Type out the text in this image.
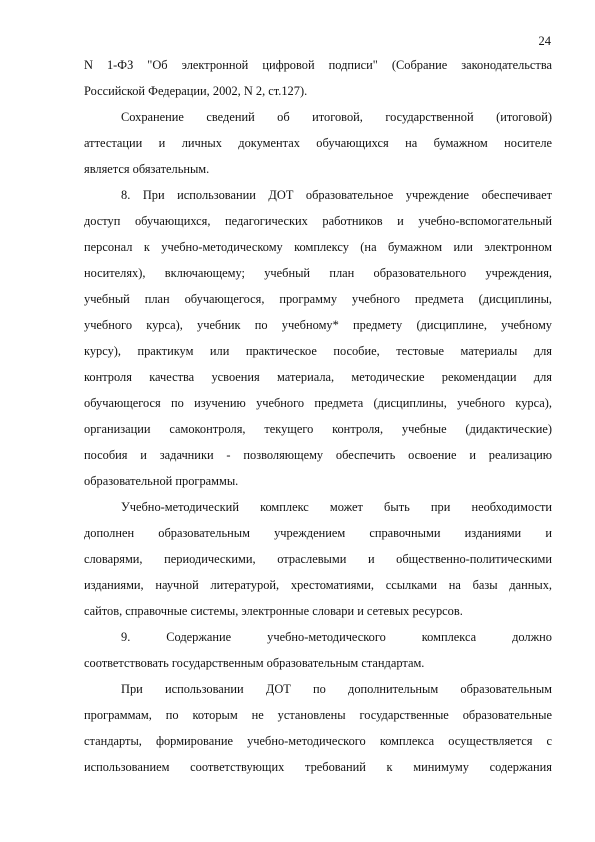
24

N 1-ФЗ "Об электронной цифровой подписи" (Собрание законодательства
Российской Федерации, 2002, N 2, ст.127).

Сохранение сведений об итоговой, государственной (итоговой)
аттестации и личных документах обучающихся на бумажном носителе
является обязательным.

8. При использовании ДОТ образовательное учреждение обеспечивает
доступ обучающихся, педагогических работников и учебно-вспомогательный
персонал к учебно-методическому комплексу (на бумажном или электронном
носителях), включающему; учебный план образовательного учреждения,
учебный план обучающегося, программу учебного предмета (дисциплины,
учебного курса), учебник по учебному* предмету (дисциплине, учебному
курсу), практикум или практическое пособие, тестовые материалы для
контроля качества усвоения материала, методические рекомендации для
обучающегося по изучению учебного предмета (дисциплины, учебного курса),
организации самоконтроля, текущего контроля, учебные (дидактические)
пособия и задачники - позволяющему обеспечить освоение и реализацию
образовательной программы.

Учебно-методический комплекс может быть при необходимости
дополнен образовательным учреждением справочными изданиями и
словарями, периодическими, отраслевыми и общественно-политическими
изданиями, научной литературой, хрестоматиями, ссылками на базы данных,
сайтов, справочные системы, электронные словари и сетевых ресурсов.

9. Содержание учебно-методического комплекса должно
соответствовать государственным образовательным стандартам.

При использовании ДОТ по дополнительным образовательным
программам, по которым не установлены государственные образовательные
стандарты, формирование учебно-методического комплекса осуществляется с
использованием соответствующих требований к минимуму содержания
